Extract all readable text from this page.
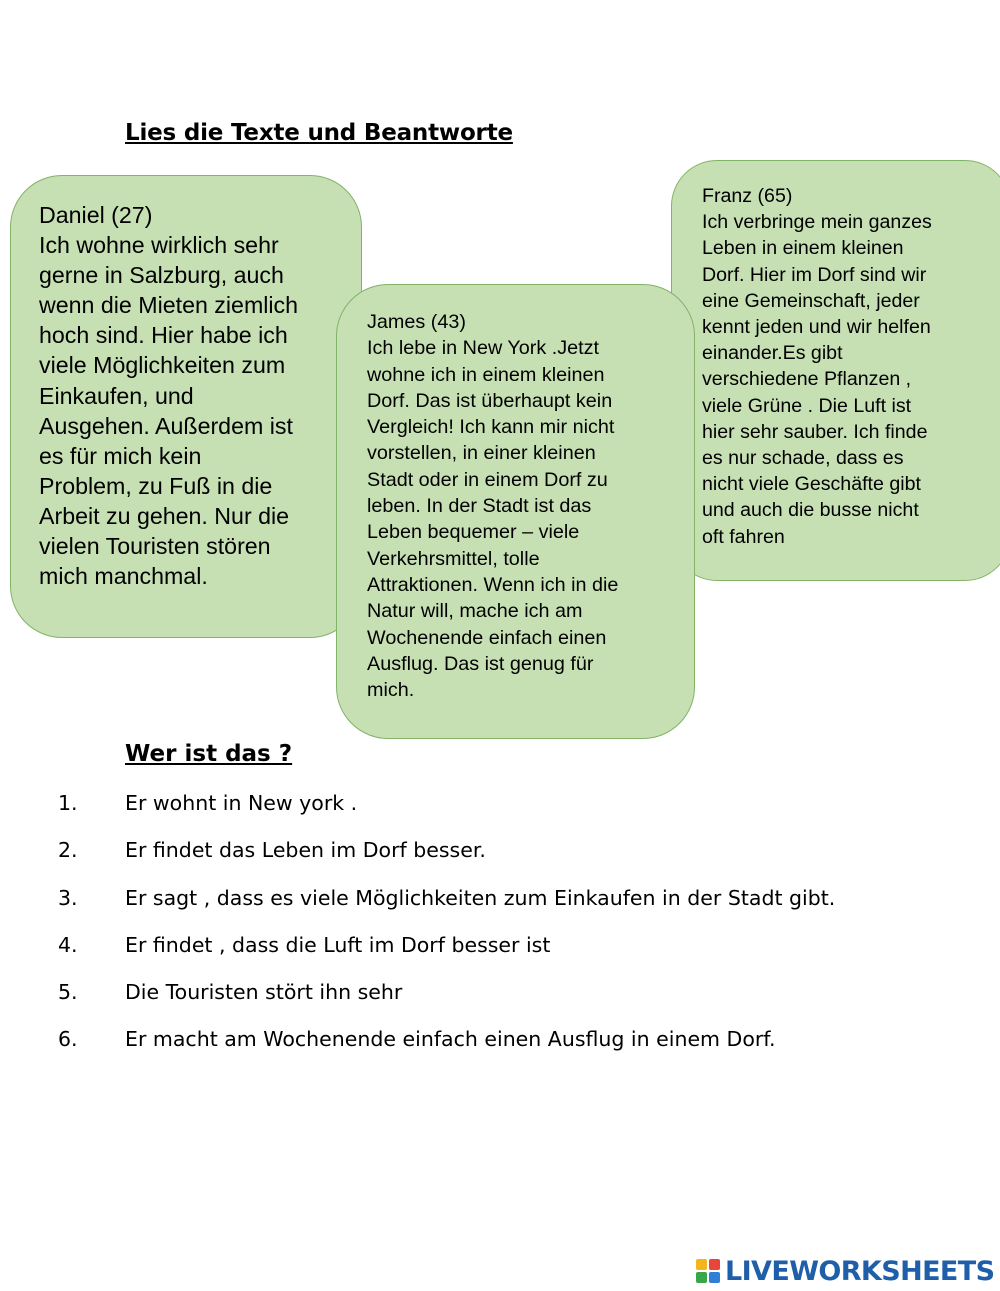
Lies die Texte und Beantworte
Daniel (27)
Ich wohne wirklich sehr
gerne in Salzburg, auch
wenn die Mieten ziemlich
hoch sind. Hier habe ich
viele Möglichkeiten zum
Einkaufen, und
Ausgehen. Außerdem ist
es für mich kein
Problem, zu Fuß in die
Arbeit zu gehen. Nur die
vielen Touristen stören
mich manchmal.
Franz (65)
Ich verbringe mein ganzes
Leben in einem kleinen
Dorf. Hier im Dorf sind wir
eine Gemeinschaft, jeder
kennt jeden und wir helfen
einander.Es gibt
verschiedene Pflanzen ,
viele Grüne . Die Luft ist
hier sehr sauber. Ich finde
es nur schade, dass es
nicht viele Geschäfte gibt
und auch die busse nicht
oft fahren
James (43)
Ich lebe in New York .Jetzt
wohne ich in einem kleinen
Dorf. Das ist überhaupt kein
Vergleich! Ich kann mir nicht
vorstellen, in einer kleinen
Stadt oder in einem Dorf zu
leben. In der Stadt ist das
Leben bequemer – viele
Verkehrsmittel, tolle
Attraktionen. Wenn ich in die
Natur will, mache ich am
Wochenende einfach einen
Ausflug. Das ist genug für
mich.
Wer ist das ?
1. Er wohnt in New york .
2. Er findet das Leben im Dorf besser.
3. Er sagt , dass es viele Möglichkeiten zum Einkaufen in der Stadt gibt.
4. Er findet , dass die Luft im Dorf besser ist
5. Die Touristen stört ihn sehr
6. Er macht am Wochenende einfach einen Ausflug in einem Dorf.
LIVEWORKSHEETS
